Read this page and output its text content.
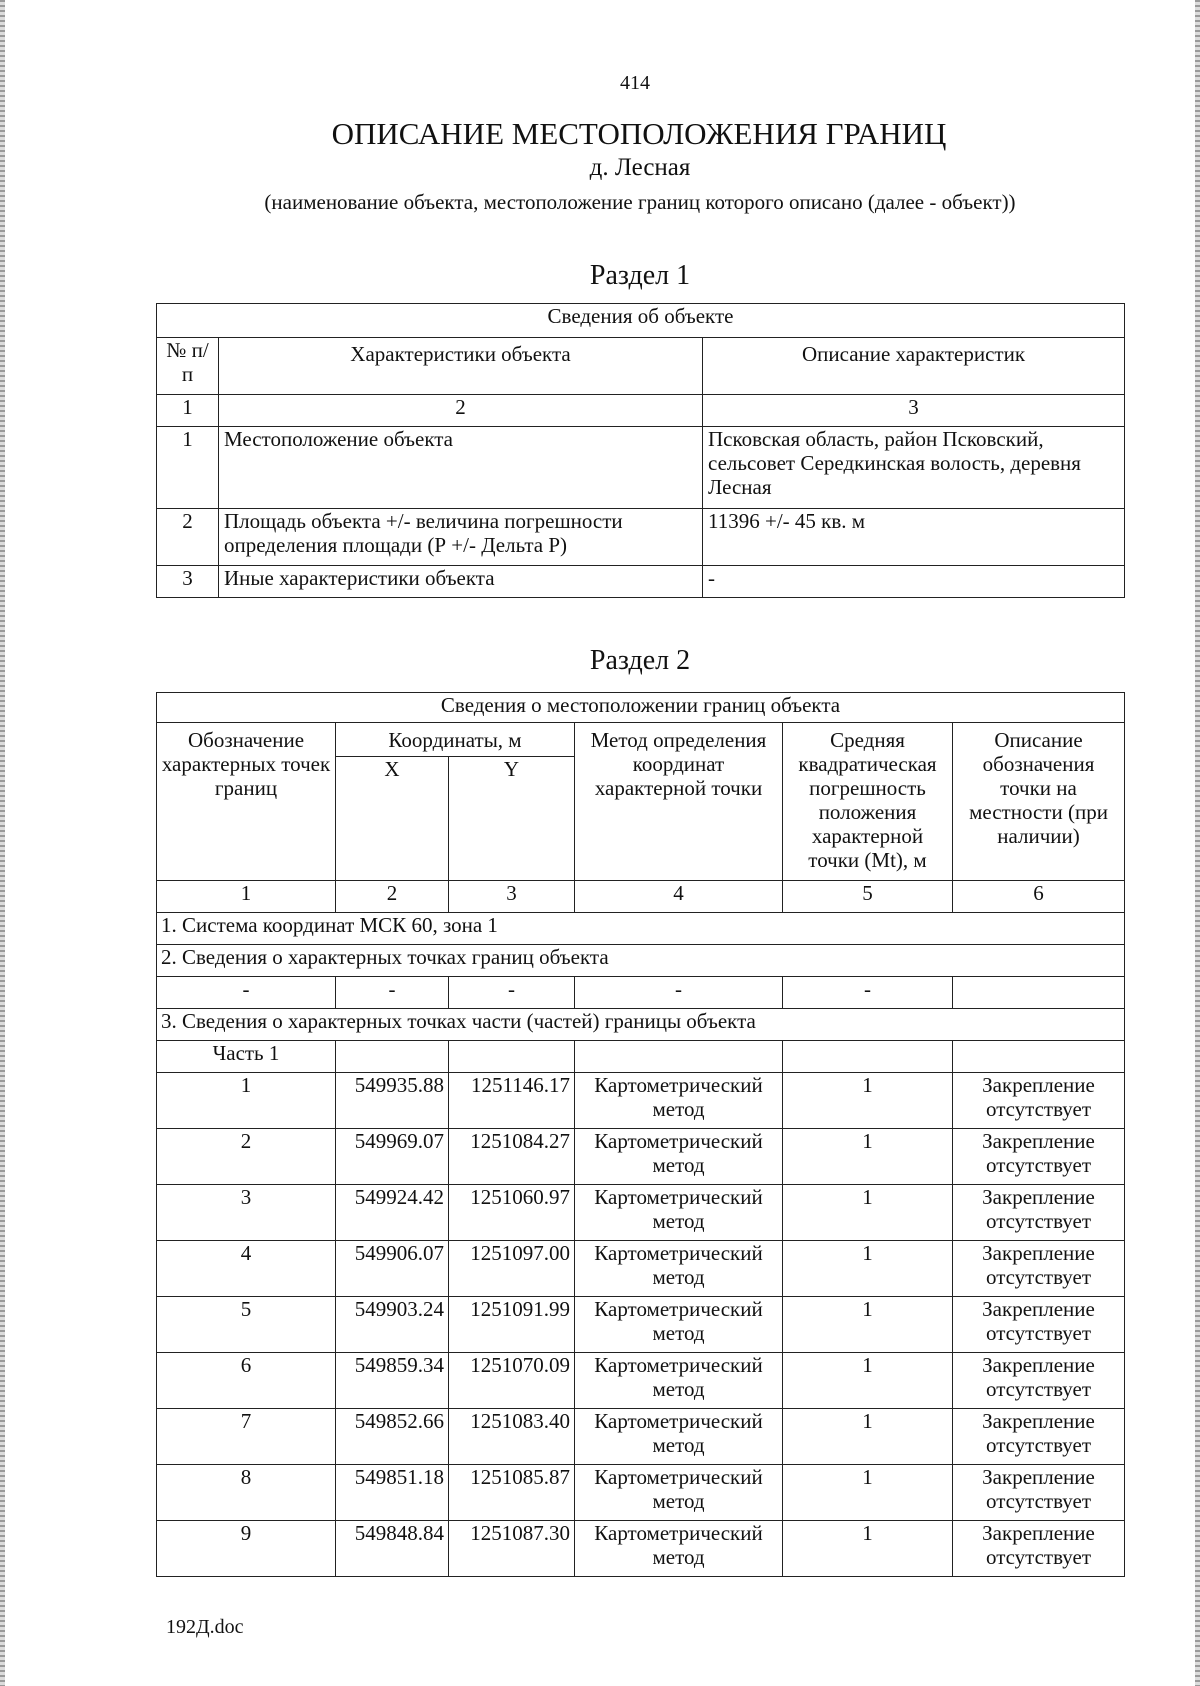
414
ОПИСАНИЕ МЕСТОПОЛОЖЕНИЯ ГРАНИЦ
д. Лесная
(наименование объекта, местоположение границ которого описано (далее - объект))
Раздел 1
Сведения об объекте		
№ п/п	Характеристики объекта	Описание характеристик
1	2	3
1	Местоположение объекта	Псковская область, район Псковский, сельсовет Середкинская волость, деревня Лесная
2	Площадь объекта +/- величина погрешности определения площади (Р +/- Дельта Р)	11396 +/- 45 кв. м
3	Иные характеристики объекта	-
Раздел 2
Сведения о местоположении границ объекта					
Обозначение характерных точек границ	Координаты, м		Метод определения координат характерной точки	Средняя квадратическая погрешность положения характерной точки (Мt), м	Описание обозначения точки на местности (при наличии)
	X	Y			
1	2	3	4	5	6
1. Система координат МСК 60, зона 1					
2. Сведения о характерных точках границ объекта					
-	-	-	-	-	
3. Сведения о характерных точках части (частей) границы объекта					
Часть 1					
1	549935.88	1251146.17	Картометрический метод	1	Закрепление отсутствует
2	549969.07	1251084.27	Картометрический метод	1	Закрепление отсутствует
3	549924.42	1251060.97	Картометрический метод	1	Закрепление отсутствует
4	549906.07	1251097.00	Картометрический метод	1	Закрепление отсутствует
5	549903.24	1251091.99	Картометрический метод	1	Закрепление отсутствует
6	549859.34	1251070.09	Картометрический метод	1	Закрепление отсутствует
7	549852.66	1251083.40	Картометрический метод	1	Закрепление отсутствует
8	549851.18	1251085.87	Картометрический метод	1	Закрепление отсутствует
9	549848.84	1251087.30	Картометрический метод	1	Закрепление отсутствует
192Д.doc
